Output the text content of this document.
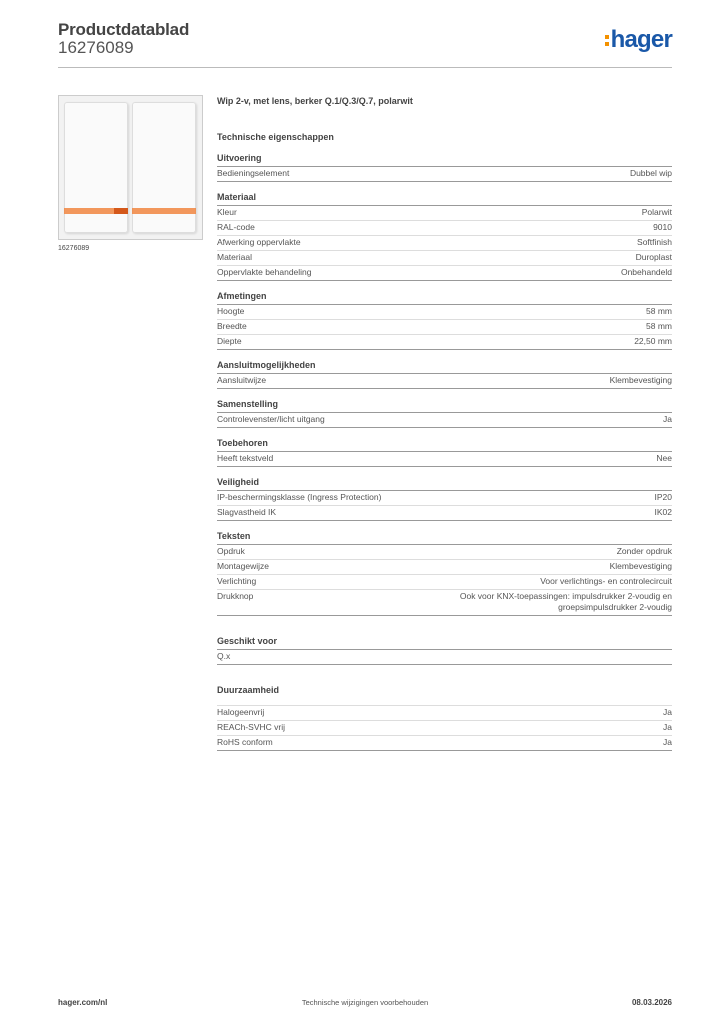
Productdatablad
16276089	hager
16276089
Wip 2-v, met lens, berker Q.1/Q.3/Q.7, polarwit
Technische eigenschappen
Uitvoering
Bedieningselement	Dubbel wip
Materiaal
Kleur	Polarwit
RAL-code	9010
Afwerking oppervlakte	Softfinish
Materiaal	Duroplast
Oppervlakte behandeling	Onbehandeld
Afmetingen
Hoogte	58 mm
Breedte	58 mm
Diepte	22,50 mm
Aansluitmogelijkheden
Aansluitwijze	Klembevestiging
Samenstelling
Controlevenster/licht uitgang	Ja
Toebehoren
Heeft tekstveld	Nee
Veiligheid
IP-beschermingsklasse (Ingress Protection)	IP20
Slagvastheid IK	IK02
Teksten
Opdruk	Zonder opdruk
Montagewijze	Klembevestiging
Verlichting	Voor verlichtings- en controlecircuit
Drukknop	Ook voor KNX-toepassingen: impulsdrukker 2-voudig en groepsimpulsdrukker 2-voudig
Geschikt voor
Q.x
Duurzaamheid
Halogeenvrij	Ja
REACh-SVHC vrij	Ja
RoHS conform	Ja
hager.com/nl	Technische wijzigingen voorbehouden	08.03.2026
